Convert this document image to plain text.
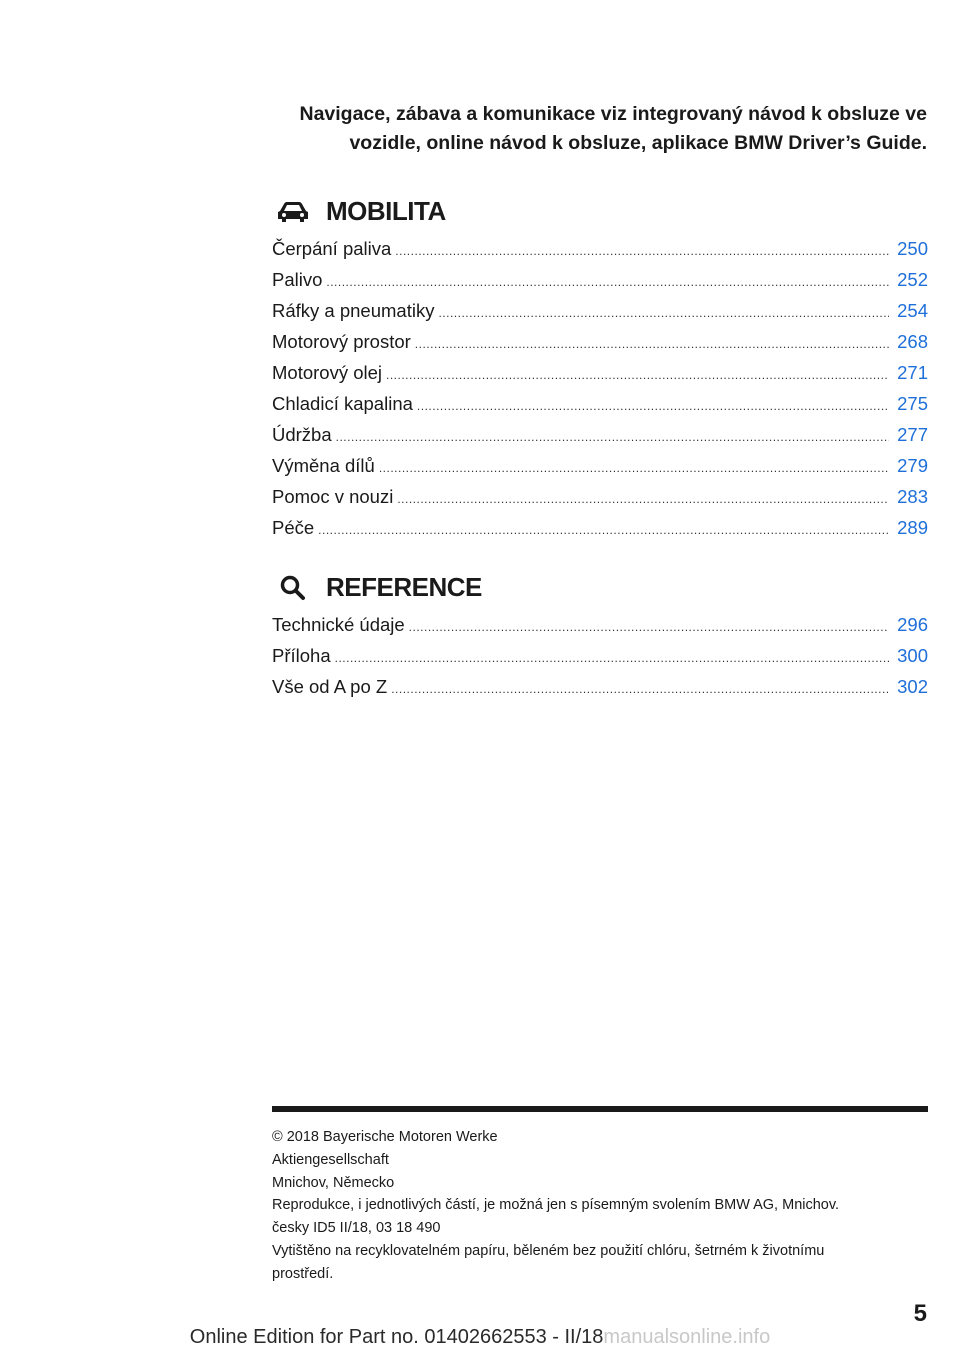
Navigace, zábava a komunikace viz integrovaný návod k obsluze ve
vozidle, online návod k obsluze, aplikace BMW Driver’s Guide.
MOBILITA
Čerpání paliva .....	250
Palivo .....	252
Ráfky a pneumatiky .....	254
Motorový prostor .....	268
Motorový olej .....	271
Chladicí kapalina .....	275
Údržba .....	277
Výměna dílů .....	279
Pomoc v nouzi .....	283
Péče .....	289
REFERENCE
Technické údaje .....	296
Příloha .....	300
Vše od A po Z .....	302
© 2018 Bayerische Motoren Werke
Aktiengesellschaft
Mnichov, Německo
Reprodukce, i jednotlivých částí, je možná jen s písemným svolením BMW AG, Mnichov.
česky ID5 II/18, 03 18 490
Vytištěno na recyklovatelném papíru, běleném bez použití chlóru, šetrném k životnímu
prostředí.
5
Online Edition for Part no. 01402662553 - II/18manualsonline.info
